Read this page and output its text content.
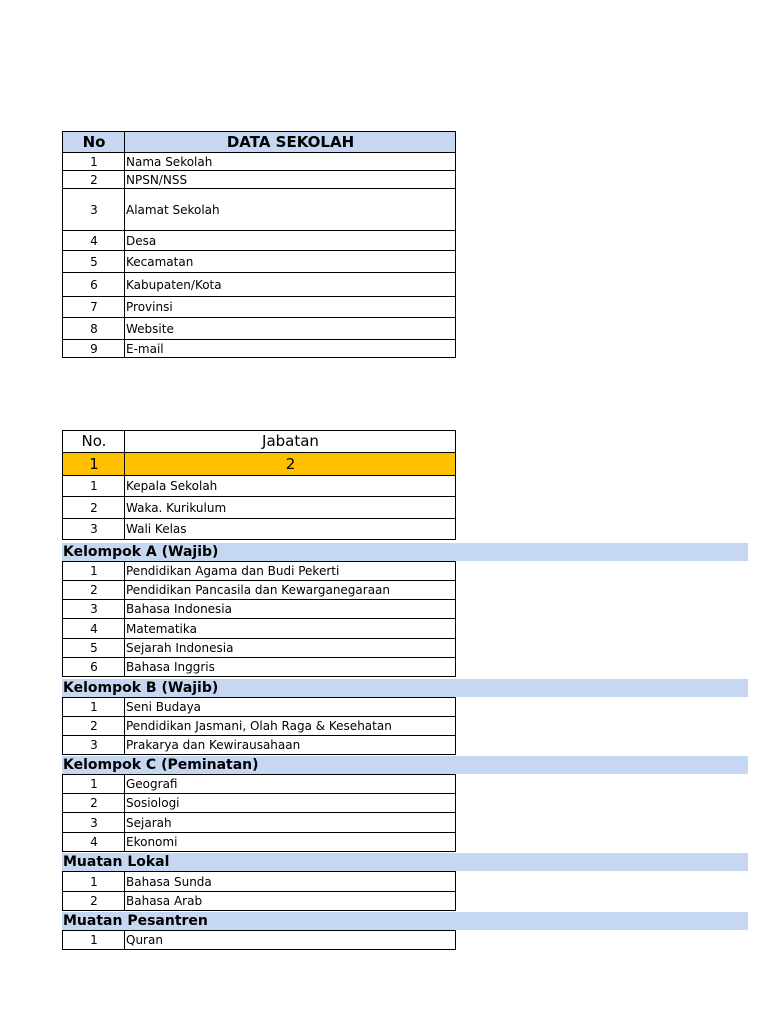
No	DATA SEKOLAH
1	Nama Sekolah
2	NPSN/NSS
3	Alamat Sekolah
4	Desa
5	Kecamatan
6	Kabupaten/Kota
7	Provinsi
8	Website
9	E-mail
No.	Jabatan
1	2
1	Kepala Sekolah
2	Waka. Kurikulum
3	Wali Kelas
Kelompok A (Wajib)
1	Pendidikan Agama dan Budi Pekerti
2	Pendidikan Pancasila dan Kewarganegaraan
3	Bahasa Indonesia
4	Matematika
5	Sejarah Indonesia
6	Bahasa Inggris
Kelompok B (Wajib)
1	Seni Budaya
2	Pendidikan Jasmani, Olah Raga & Kesehatan
3	Prakarya dan Kewirausahaan
Kelompok C (Peminatan)
1	Geografi
2	Sosiologi
3	Sejarah
4	Ekonomi
Muatan Lokal
1	Bahasa Sunda
2	Bahasa Arab
Muatan Pesantren
1	Quran
